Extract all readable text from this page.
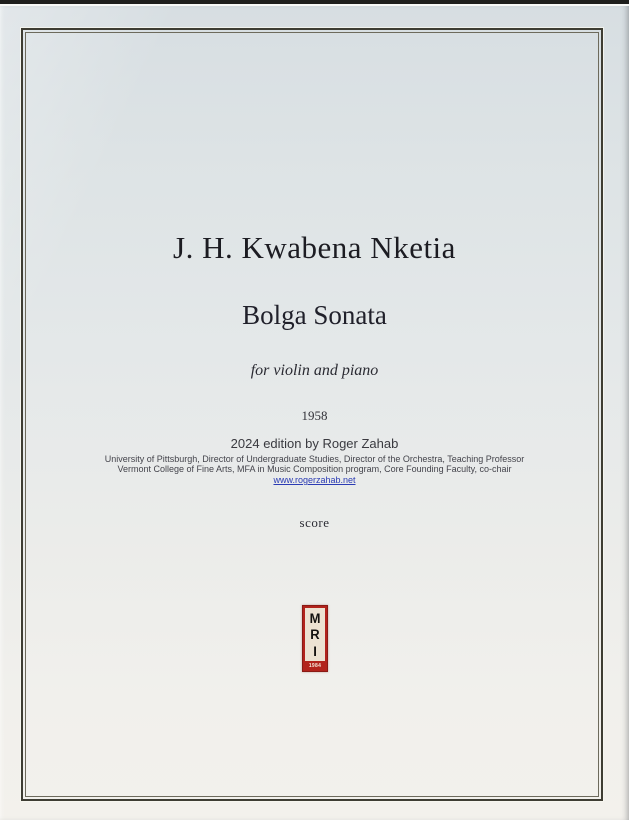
J. H. Kwabena Nketia
Bolga Sonata
for violin and piano
1958
2024 edition by Roger Zahab
University of Pittsburgh, Director of Undergraduate Studies, Director of the Orchestra, Teaching Professor
Vermont College of Fine Arts, MFA in Music Composition program, Core Founding Faculty, co-chair
www.rogerzahab.net
score
M
R
I
1984
